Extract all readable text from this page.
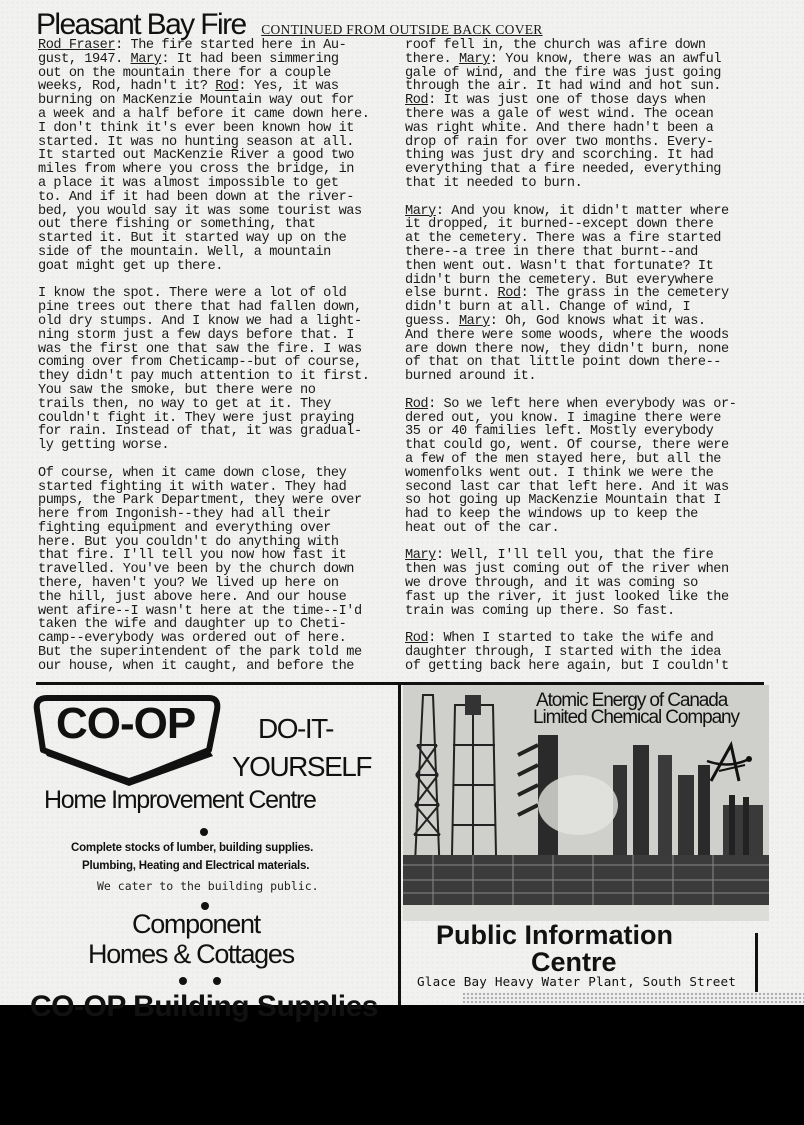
Pleasant Bay Fire CONTINUED FROM OUTSIDE BACK COVER

Rod Fraser: The fire started here in Au-
gust, 1947. Mary: It had been simmering
out on the mountain there for a couple
weeks, Rod, hadn't it? Rod: Yes, it was
burning on MacKenzie Mountain way out for
a week and a half before it came down here.
I don't think it's ever been known how it
started. It was no hunting season at all.
It started out MacKenzie River a good two
miles from where you cross the bridge, in
a place it was almost impossible to get
to. And if it had been down at the river-
bed, you would say it was some tourist was
out there fishing or something, that
started it. But it started way up on the
side of the mountain. Well, a mountain
goat might get up there.

I know the spot. There were a lot of old
pine trees out there that had fallen down,
old dry stumps. And I know we had a light-
ning storm just a few days before that. I
was the first one that saw the fire. I was
coming over from Cheticamp--but of course,
they didn't pay much attention to it first.
You saw the smoke, but there were no
trails then, no way to get at it. They
couldn't fight it. They were just praying
for rain. Instead of that, it was gradual-
ly getting worse.

Of course, when it came down close, they
started fighting it with water. They had
pumps, the Park Department, they were over
here from Ingonish--they had all their
fighting equipment and everything over
here. But you couldn't do anything with
that fire. I'll tell you now how fast it
travelled. You've been by the church down
there, haven't you? We lived up here on
the hill, just above here. And our house
went afire--I wasn't here at the time--I'd
taken the wife and daughter up to Cheti-
camp--everybody was ordered out of here.
But the superintendent of the park told me
our house, when it caught, and before the

roof fell in, the church was afire down
there. Mary: You know, there was an awful
gale of wind, and the fire was just going
through the air. It had wind and hot sun.
Rod: It was just one of those days when
there was a gale of west wind. The ocean
was right white. And there hadn't been a
drop of rain for over two months. Every-
thing was just dry and scorching. It had
everything that a fire needed, everything
that it needed to burn.

Mary: And you know, it didn't matter where
it dropped, it burned--except down there
at the cemetery. There was a fire started
there--a tree in there that burnt--and
then went out. Wasn't that fortunate? It
didn't burn the cemetery. But everywhere
else burnt. Rod: The grass in the cemetery
didn't burn at all. Change of wind, I
guess. Mary: Oh, God knows what it was.
And there were some woods, where the woods
are down there now, they didn't burn, none
of that on that little point down there--
burned around it.

Rod: So we left here when everybody was or-
dered out, you know. I imagine there were
35 or 40 families left. Mostly everybody
that could go, went. Of course, there were
a few of the men stayed here, but all the
womenfolks went out. I think we were the
second last car that left here. And it was
so hot going up MacKenzie Mountain that I
had to keep the windows up to keep the
heat out of the car.

Mary: Well, I'll tell you, that the fire
then was just coming out of the river when
we drove through, and it was coming so
fast up the river, it just looked like the
train was coming up there. So fast.

Rod: When I started to take the wife and
daughter through, I started with the idea
of getting back here again, but I couldn't

CO-OP DO-IT-
YOURSELF
Home Improvement Centre
Complete stocks of lumber, building supplies.
Plumbing, Heating and Electrical materials.
We cater to the building public.
Component
Homes & Cottages
CO-OP Building Supplies
Atomic Energy of Canada
Limited Chemical Company
Public Information
Centre
Glace Bay Heavy Water Plant, South Street
